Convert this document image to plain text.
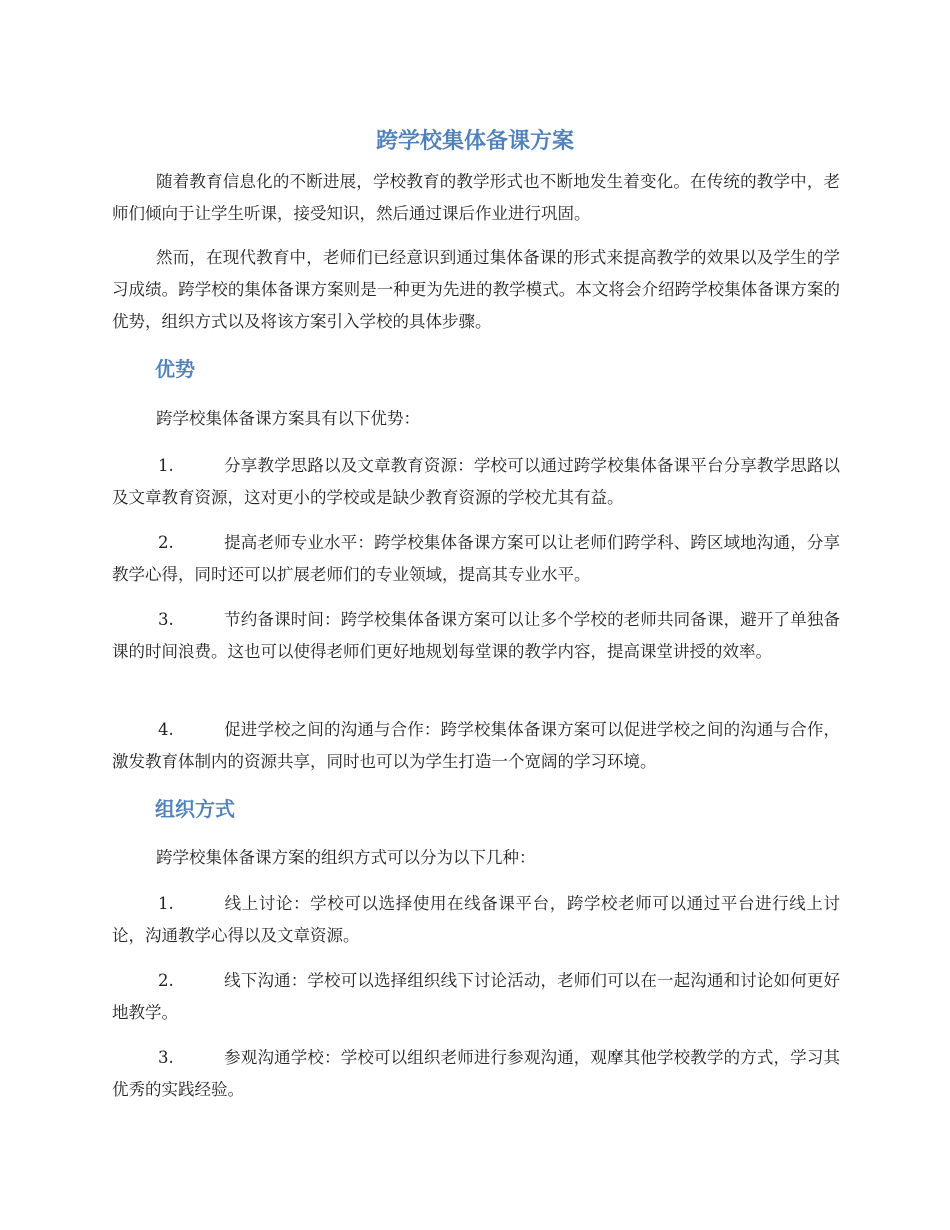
跨学校集体备课方案

随着教育信息化的不断进展，学校教育的教学形式也不断地发生着变化。在传统的教学中，老师们倾向于让学生听课，接受知识，然后通过课后作业进行巩固。

然而，在现代教育中，老师们已经意识到通过集体备课的形式来提高教学的效果以及学生的学习成绩。跨学校的集体备课方案则是一种更为先进的教学模式。本文将会介绍跨学校集体备课方案的优势，组织方式以及将该方案引入学校的具体步骤。

优势

跨学校集体备课方案具有以下优势：

1.	分享教学思路以及文章教育资源：学校可以通过跨学校集体备课平台分享教学思路以及文章教育资源，这对更小的学校或是缺少教育资源的学校尤其有益。

2.	提高老师专业水平：跨学校集体备课方案可以让老师们跨学科、跨区域地沟通，分享教学心得，同时还可以扩展老师们的专业领域，提高其专业水平。

3.	节约备课时间：跨学校集体备课方案可以让多个学校的老师共同备课，避开了单独备课的时间浪费。这也可以使得老师们更好地规划每堂课的教学内容，提高课堂讲授的效率。

4.	促进学校之间的沟通与合作：跨学校集体备课方案可以促进学校之间的沟通与合作，激发教育体制内的资源共享，同时也可以为学生打造一个宽阔的学习环境。

组织方式

跨学校集体备课方案的组织方式可以分为以下几种：

1.	线上讨论：学校可以选择使用在线备课平台，跨学校老师可以通过平台进行线上讨论，沟通教学心得以及文章资源。

2.	线下沟通：学校可以选择组织线下讨论活动，老师们可以在一起沟通和讨论如何更好地教学。

3.	参观沟通学校：学校可以组织老师进行参观沟通，观摩其他学校教学的方式，学习其优秀的实践经验。
